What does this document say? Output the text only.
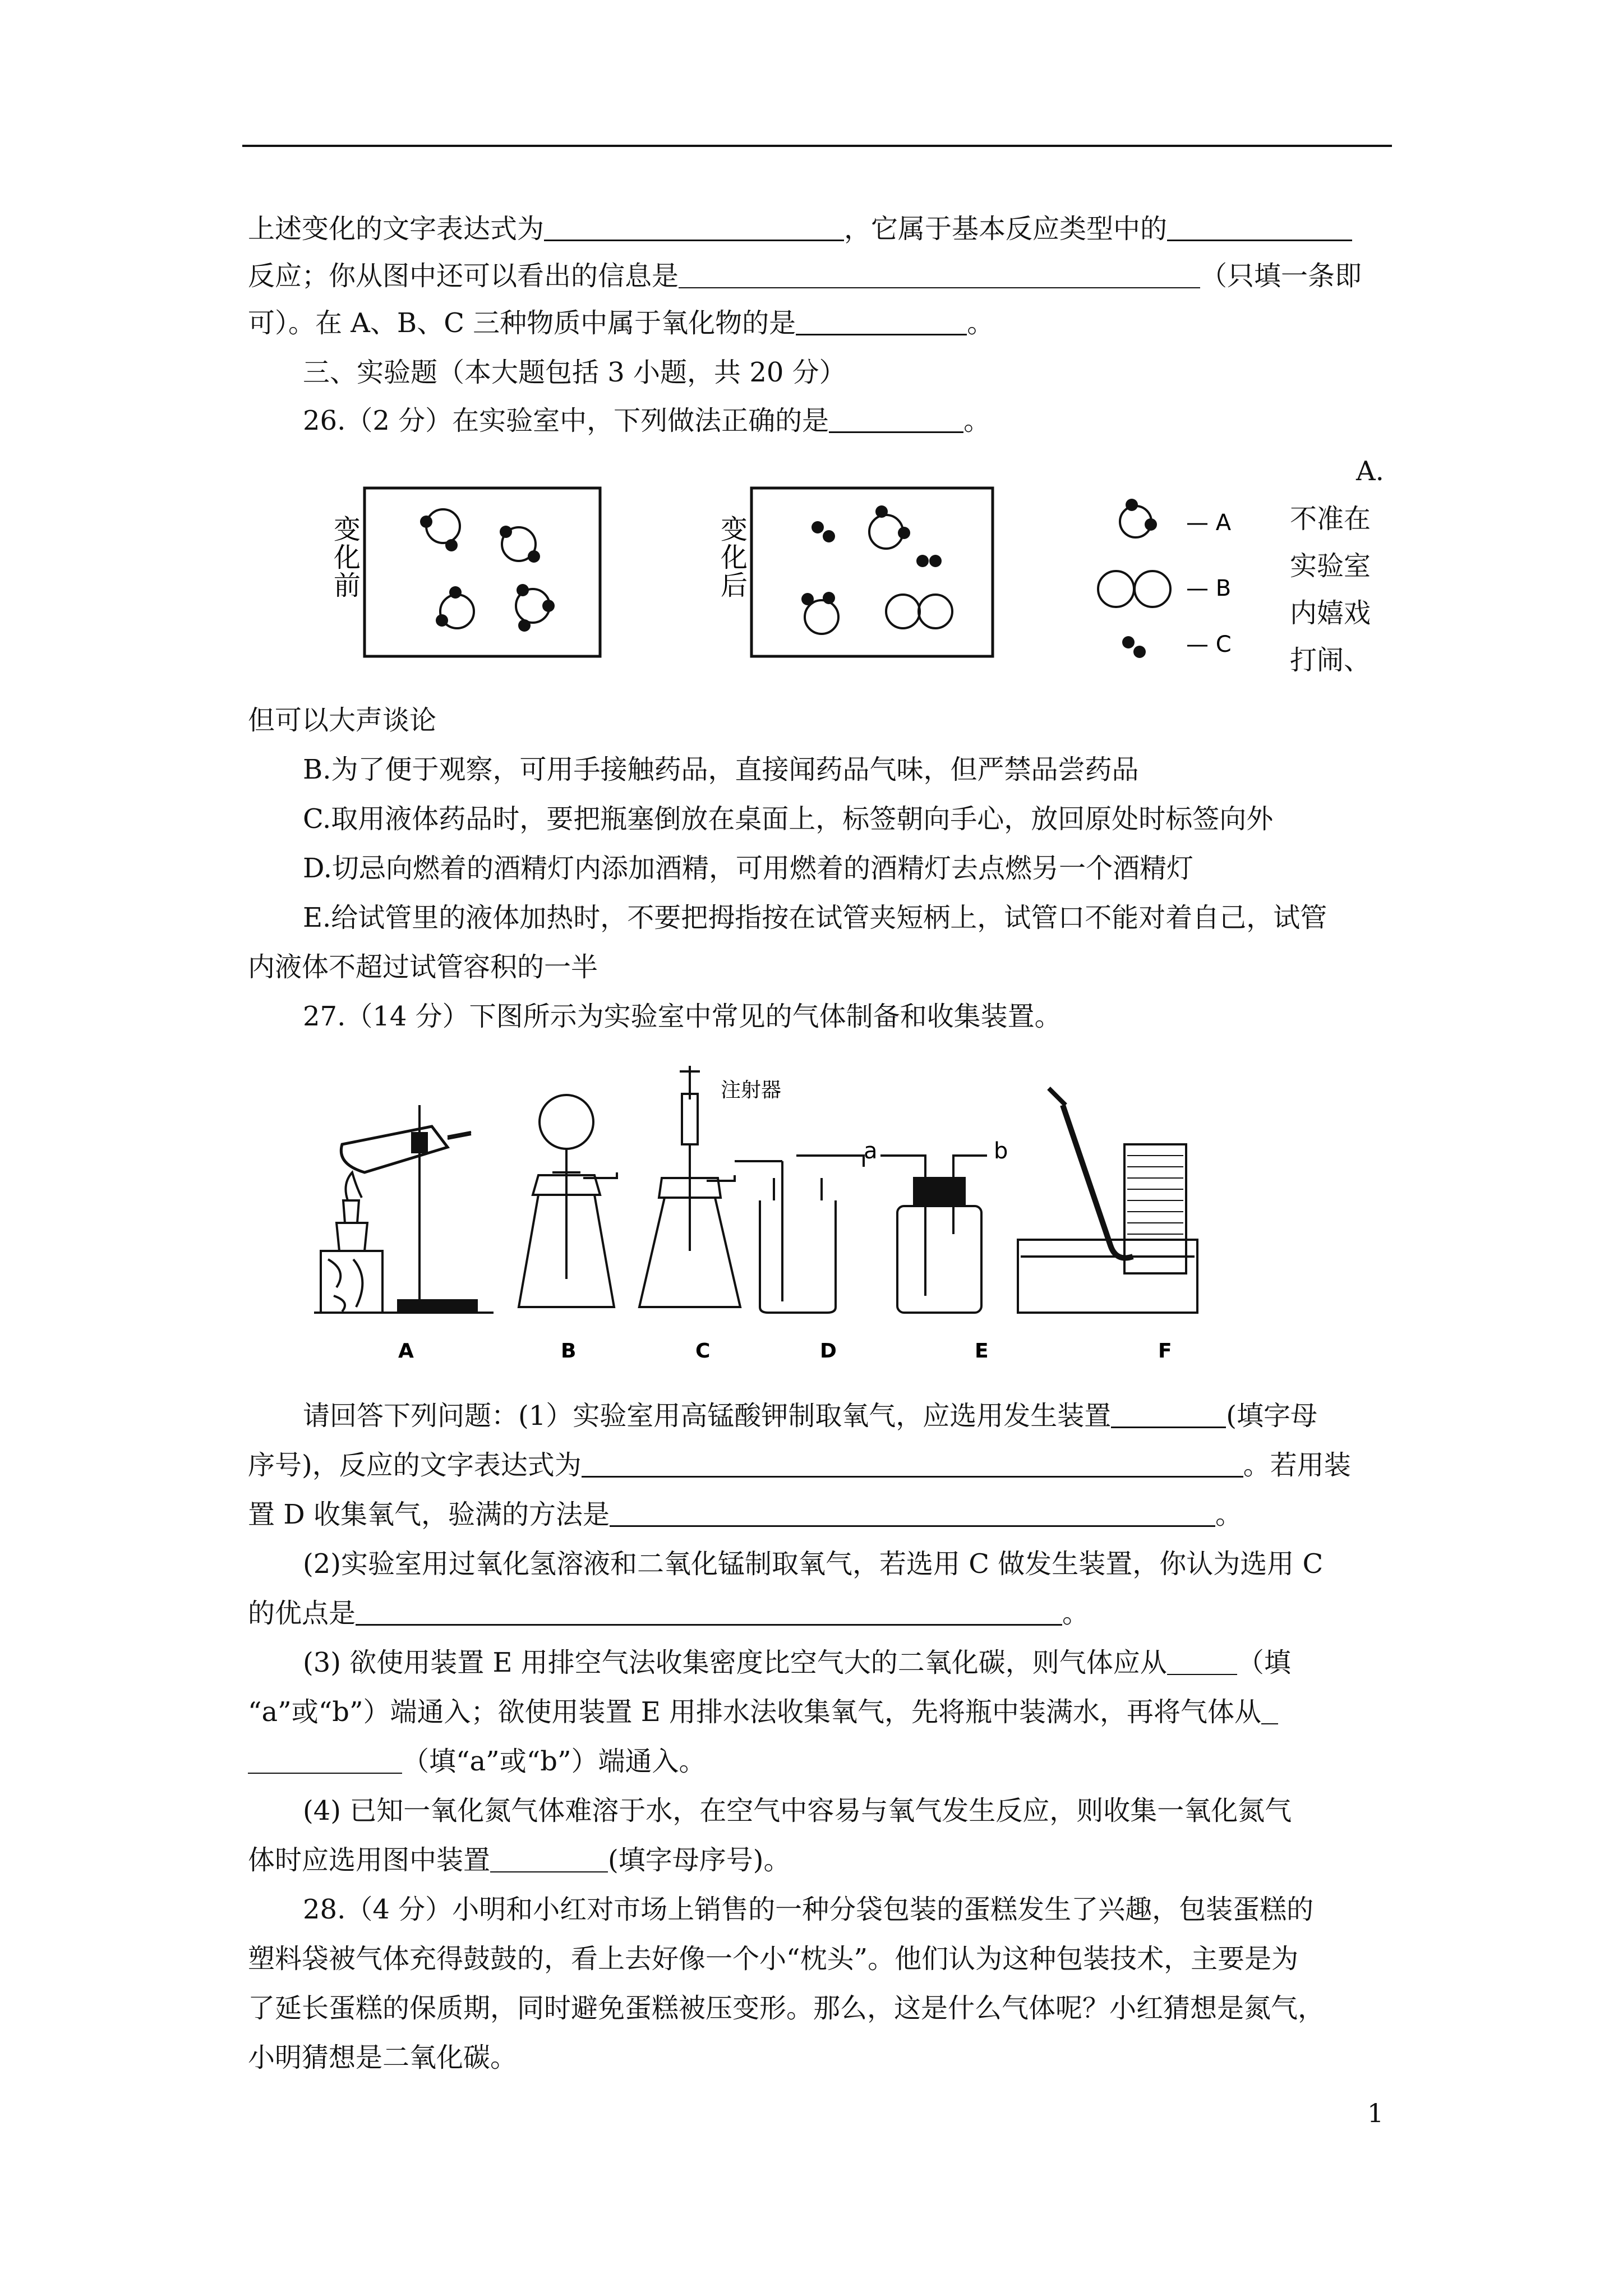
上述变化的文字表达式为	，它属于基本反应类型中的
反应；你从图中还可以看出的信息是	（只填一条即
可）。在 A、B、C 三种物质中属于氧化物的是	。
三、实验题（本大题包括 3 小题，共 20 分）
26.（2 分）在实验室中，下列做法正确的是	。
变
化
前
变
化
后
— A
— B
— C
A.
不准在
实验室
内嬉戏
打闹、
但可以大声谈论
B.为了便于观察，可用手接触药品，直接闻药品气味，但严禁品尝药品
C.取用液体药品时，要把瓶塞倒放在桌面上，标签朝向手心，放回原处时标签向外
D.切忌向燃着的酒精灯内添加酒精，可用燃着的酒精灯去点燃另一个酒精灯
E.给试管里的液体加热时，不要把拇指按在试管夹短柄上，试管口不能对着自己，试管
内液体不超过试管容积的一半
27.（14 分）下图所示为实验室中常见的气体制备和收集装置。
注射器
a	b
A	B	C	D	E	F
请回答下列问题：(1）实验室用高锰酸钾制取氧气，应选用发生装置	(填字母
序号)，反应的文字表达式为	。若用装
置 D 收集氧气，验满的方法是	。
(2)实验室用过氧化氢溶液和二氧化锰制取氧气，若选用 C 做发生装置，你认为选用 C
的优点是	。
(3) 欲使用装置 E 用排空气法收集密度比空气大的二氧化碳，则气体应从	（填
“a”或“b”）端通入；欲使用装置 E 用排水法收集氧气，先将瓶中装满水，再将气体从
（填“a”或“b”）端通入。
(4) 已知一氧化氮气体难溶于水，在空气中容易与氧气发生反应，则收集一氧化氮气
体时应选用图中装置	(填字母序号)。
28.（4 分）小明和小红对市场上销售的一种分袋包装的蛋糕发生了兴趣，包装蛋糕的
塑料袋被气体充得鼓鼓的，看上去好像一个小“枕头”。他们认为这种包装技术，主要是为
了延长蛋糕的保质期，同时避免蛋糕被压变形。那么，这是什么气体呢？小红猜想是氮气，
小明猜想是二氧化碳。
1
